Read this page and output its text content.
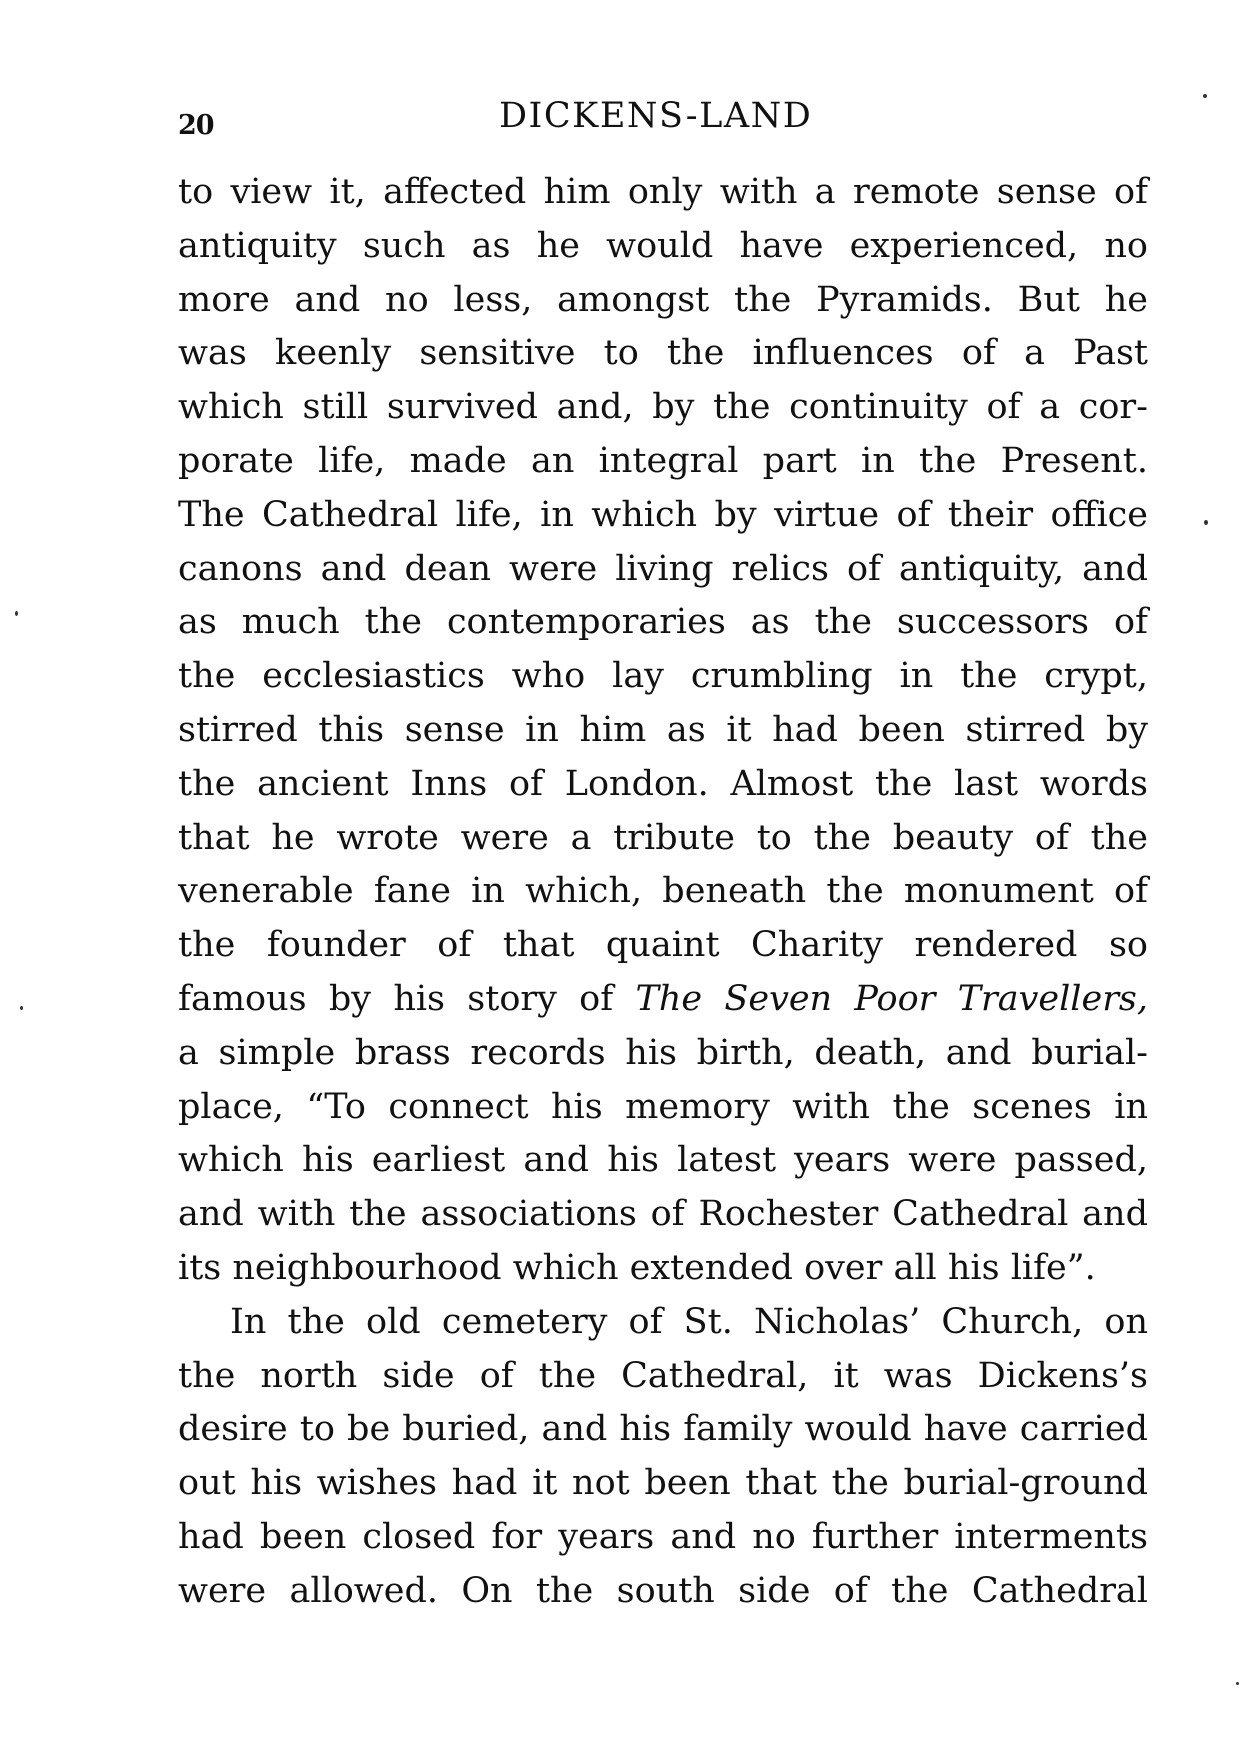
20	DICKENS-LAND
to view it, affected him only with a remote sense of
antiquity such as he would have experienced, no
more and no less, amongst the Pyramids. But he
was keenly sensitive to the influences of a Past
which still survived and, by the continuity of a cor-
porate life, made an integral part in the Present.
The Cathedral life, in which by virtue of their office
canons and dean were living relics of antiquity, and
as much the contemporaries as the successors of
the ecclesiastics who lay crumbling in the crypt,
stirred this sense in him as it had been stirred by
the ancient Inns of London. Almost the last words
that he wrote were a tribute to the beauty of the
venerable fane in which, beneath the monument of
the founder of that quaint Charity rendered so
famous by his story of The Seven Poor Travellers,
a simple brass records his birth, death, and burial-
place, “To connect his memory with the scenes in
which his earliest and his latest years were passed,
and with the associations of Rochester Cathedral and
its neighbourhood which extended over all his life”.
In the old cemetery of St. Nicholas’ Church, on
the north side of the Cathedral, it was Dickens’s
desire to be buried, and his family would have carried
out his wishes had it not been that the burial-ground
had been closed for years and no further interments
were allowed. On the south side of the Cathedral
